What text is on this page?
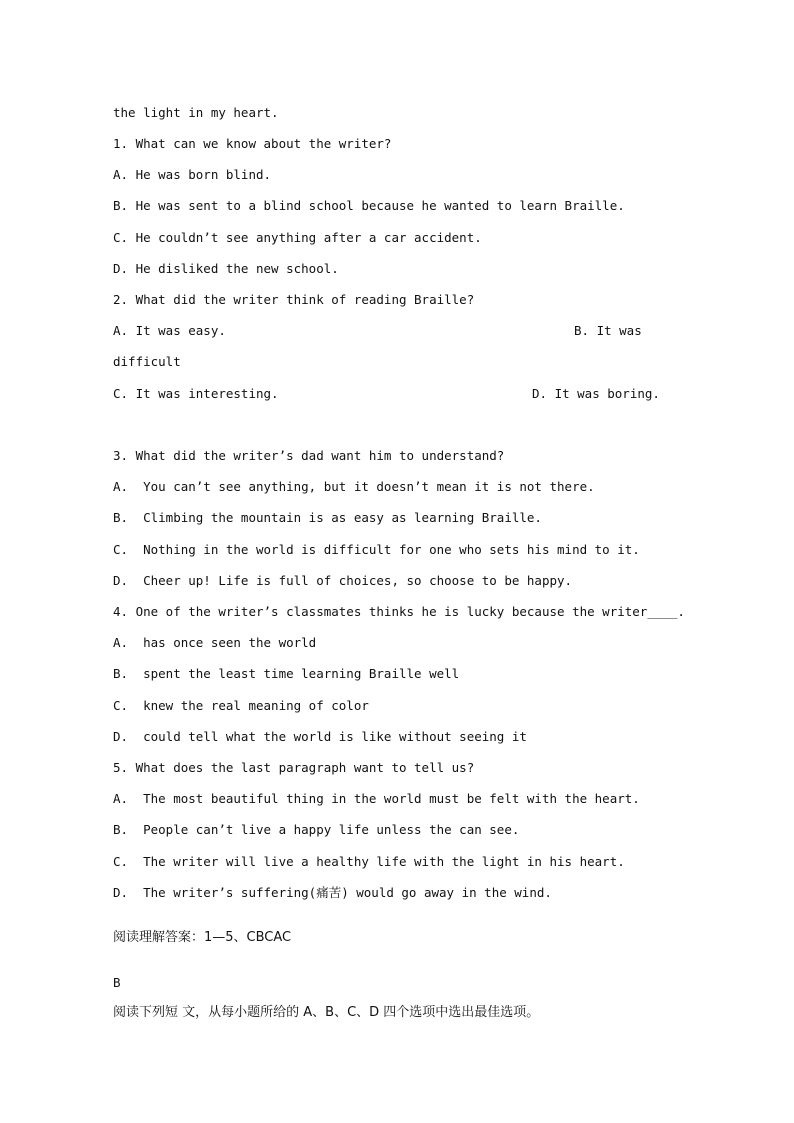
the light in my heart.
1. What can we know about the writer?
A. He was born blind.
B. He was sent to a blind school because he wanted to learn Braille.
C. He couldn’t see anything after a car accident.
D. He disliked the new school.
2. What did the writer think of reading Braille?
A. It was easy.	B. It was
difficult
C. It was interesting.	D. It was boring.
3. What did the writer’s dad want him to understand?
A.  You can’t see anything, but it doesn’t mean it is not there.
B.  Climbing the mountain is as easy as learning Braille.
C.  Nothing in the world is difficult for one who sets his mind to it.
D.  Cheer up! Life is full of choices, so choose to be happy.
4. One of the writer’s classmates thinks he is lucky because the writer____.
A.  has once seen the world
B.  spent the least time learning Braille well
C.  knew the real meaning of color
D.  could tell what the world is like without seeing it
5. What does the last paragraph want to tell us?
A.  The most beautiful thing in the world must be felt with the heart.
B.  People can’t live a happy life unless the can see.
C.  The writer will live a healthy life with the light in his heart.
D.  The writer’s suffering(痛苦) would go away in the wind.
阅读理解答案：1—5、CBCAC
B
阅读下列短 文，从每小题所给的 A、B、C、D 四个选项中选出最佳选项。
